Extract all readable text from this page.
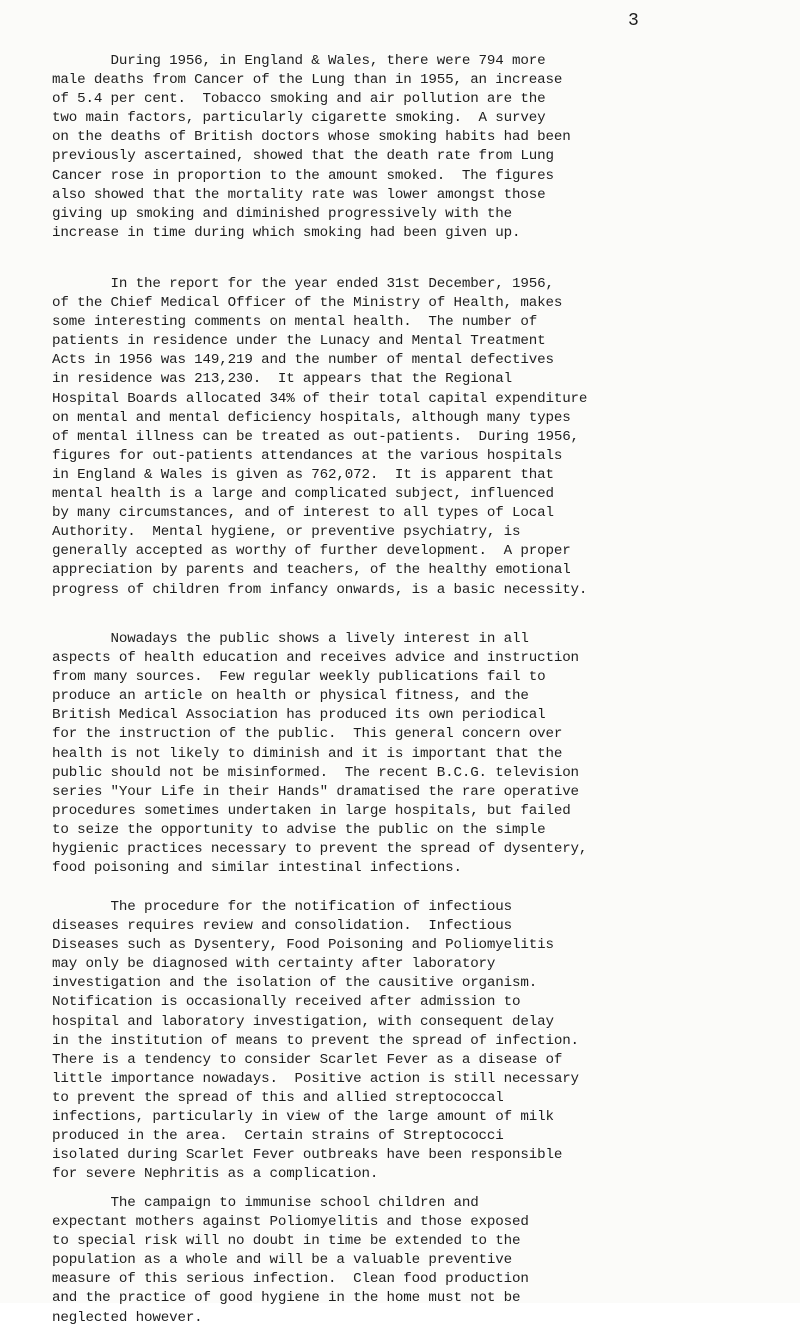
3
During 1956, in England & Wales, there were 794 more
male deaths from Cancer of the Lung than in 1955, an increase
of 5.4 per cent.  Tobacco smoking and air pollution are the
two main factors, particularly cigarette smoking.  A survey
on the deaths of British doctors whose smoking habits had been
previously ascertained, showed that the death rate from Lung
Cancer rose in proportion to the amount smoked.  The figures
also showed that the mortality rate was lower amongst those
giving up smoking and diminished progressively with the
increase in time during which smoking had been given up.
In the report for the year ended 31st December, 1956,
of the Chief Medical Officer of the Ministry of Health, makes
some interesting comments on mental health.  The number of
patients in residence under the Lunacy and Mental Treatment
Acts in 1956 was 149,219 and the number of mental defectives
in residence was 213,230.  It appears that the Regional
Hospital Boards allocated 34% of their total capital expenditure
on mental and mental deficiency hospitals, although many types
of mental illness can be treated as out-patients.  During 1956,
figures for out-patients attendances at the various hospitals
in England & Wales is given as 762,072.  It is apparent that
mental health is a large and complicated subject, influenced
by many circumstances, and of interest to all types of Local
Authority.  Mental hygiene, or preventive psychiatry, is
generally accepted as worthy of further development.  A proper
appreciation by parents and teachers, of the healthy emotional
progress of children from infancy onwards, is a basic necessity.
Nowadays the public shows a lively interest in all
aspects of health education and receives advice and instruction
from many sources.  Few regular weekly publications fail to
produce an article on health or physical fitness, and the
British Medical Association has produced its own periodical
for the instruction of the public.  This general concern over
health is not likely to diminish and it is important that the
public should not be misinformed.  The recent B.C.G. television
series "Your Life in their Hands" dramatised the rare operative
procedures sometimes undertaken in large hospitals, but failed
to seize the opportunity to advise the public on the simple
hygienic practices necessary to prevent the spread of dysentery,
food poisoning and similar intestinal infections.
The procedure for the notification of infectious
diseases requires review and consolidation.  Infectious
Diseases such as Dysentery, Food Poisoning and Poliomyelitis
may only be diagnosed with certainty after laboratory
investigation and the isolation of the causitive organism.
Notification is occasionally received after admission to
hospital and laboratory investigation, with consequent delay
in the institution of means to prevent the spread of infection.
There is a tendency to consider Scarlet Fever as a disease of
little importance nowadays.  Positive action is still necessary
to prevent the spread of this and allied streptococcal
infections, particularly in view of the large amount of milk
produced in the area.  Certain strains of Streptococci
isolated during Scarlet Fever outbreaks have been responsible
for severe Nephritis as a complication.
The campaign to immunise school children and
expectant mothers against Poliomyelitis and those exposed
to special risk will no doubt in time be extended to the
population as a whole and will be a valuable preventive
measure of this serious infection.  Clean food production
and the practice of good hygiene in the home must not be
neglected however.
